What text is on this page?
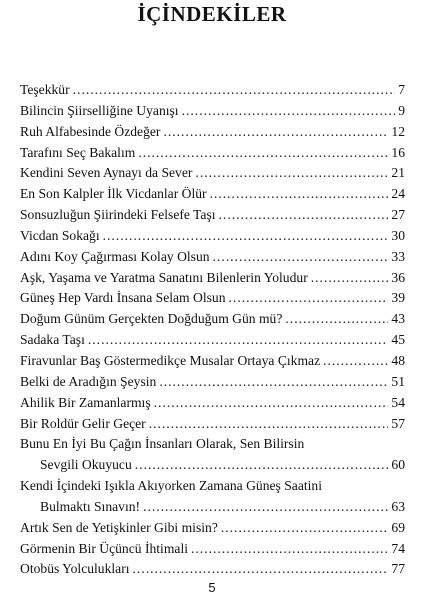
İÇİNDEKİLER
Teşekkür .....	7
Bilincin Şiirselliğine Uyanışı .....	9
Ruh Alfabesinde Özdeğer .....	12
Tarafını Seç Bakalım .....	16
Kendini Seven Aynayı da Sever .....	21
En Son Kalpler İlk Vicdanlar Ölür .....	24
Sonsuzluğun Şiirindeki Felsefe Taşı .....	27
Vicdan Sokağı .....	30
Adını Koy Çağırması Kolay Olsun .....	33
Aşk, Yaşama ve Yaratma Sanatını Bilenlerin Yoludur .....	36
Güneş Hep Vardı İnsana Selam Olsun .....	39
Doğum Günüm Gerçekten Doğduğum Gün mü? .....	43
Sadaka Taşı .....	45
Firavunlar Baş Göstermedikçe Musalar Ortaya Çıkmaz .....	48
Belki de Aradığın Şeysin .....	51
Ahilik Bir Zamanlarmış .....	54
Bir Roldür Gelir Geçer .....	57
Bunu En İyi Bu Çağın İnsanları Olarak, Sen Bilirsin
Sevgili Okuyucu .....	60
Kendi İçindeki Işıkla Akıyorken Zamana Güneş Saatini
Bulmaktı Sınavın! .....	63
Artık Sen de Yetişkinler Gibi misin? .....	69
Görmenin Bir Üçüncü İhtimali .....	74
Otobüs Yolculukları .....	77
5
